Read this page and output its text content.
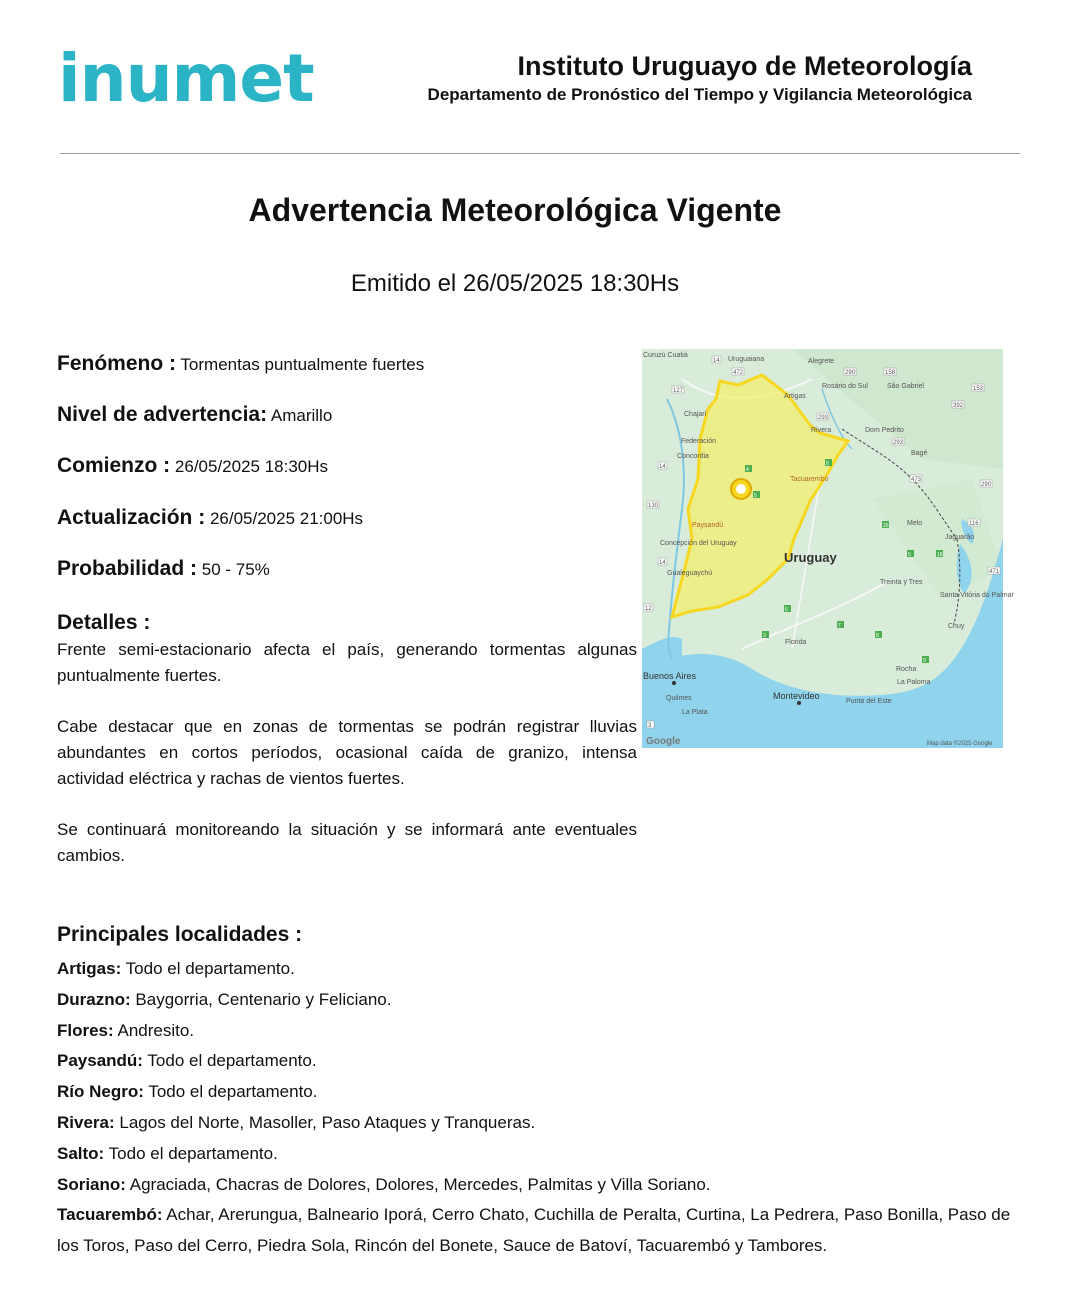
inumet	Instituto Uruguayo de Meteorología
Departamento de Pronóstico del Tiempo y Vigilancia Meteorológica
Advertencia Meteorológica Vigente
Emitido el 26/05/2025 18:30Hs
Fenómeno : Tormentas puntualmente fuertes
Nivel de advertencia: Amarillo
Comienzo : 26/05/2025 18:30Hs
Actualización : 26/05/2025 21:00Hs
Probabilidad : 50 - 75%
Detalles :
Frente semi-estacionario afecta el país, generando tormentas algunas puntualmente fuertes.
Cabe destacar que en zonas de tormentas se podrán registrar lluvias abundantes en cortos períodos, ocasional caída de granizo, intensa actividad eléctrica y rachas de vientos fuertes.
Se continuará monitoreando la situación y se informará ante eventuales cambios.
Principales localidades :
Artigas: Todo el departamento.
Durazno: Baygorria, Centenario y Feliciano.
Flores: Andresito.
Paysandú: Todo el departamento.
Río Negro: Todo el departamento.
Rivera: Lagos del Norte, Masoller, Paso Ataques y Tranqueras.
Salto: Todo el departamento.
Soriano: Agraciada, Chacras de Dolores, Dolores, Mercedes, Palmitas y Villa Soriano.
Tacuarembó: Achar, Arerungua, Balneario Iporá, Cerro Chato, Cuchilla de Peralta, Curtina, La Pedrera, Paso Bonilla, Paso de los Toros, Paso del Cerro, Piedra Sola, Rincón del Bonete, Sauce de Batoví, Tacuarembó y Tambores.
14
472
127
290	158
153
392
293
293
473
130
290
116
471
12
14
14
3
4
5
26
8
18
6
7
9
5
3	8
Curuzú Cuatiá
Uruguaiana	Alegrete
Rosário do Sul	São Gabriel
Artigas
Chajarí
Federación
Concordia
Rivera	Dom Pedrito
Bagé
Tacuarembó
Paysandú	Melo
Jaguarão
Concepción del Uruguay
Gualeguaychú
Treinta y Tres
Santa Vitória do Palmar
Chuy
Florida
Rocha
La Paloma
Quilmes
La Plata
Punta del Este
Buenos Aires
Montevideo
Uruguay
Google	Map data ©2025 Google
